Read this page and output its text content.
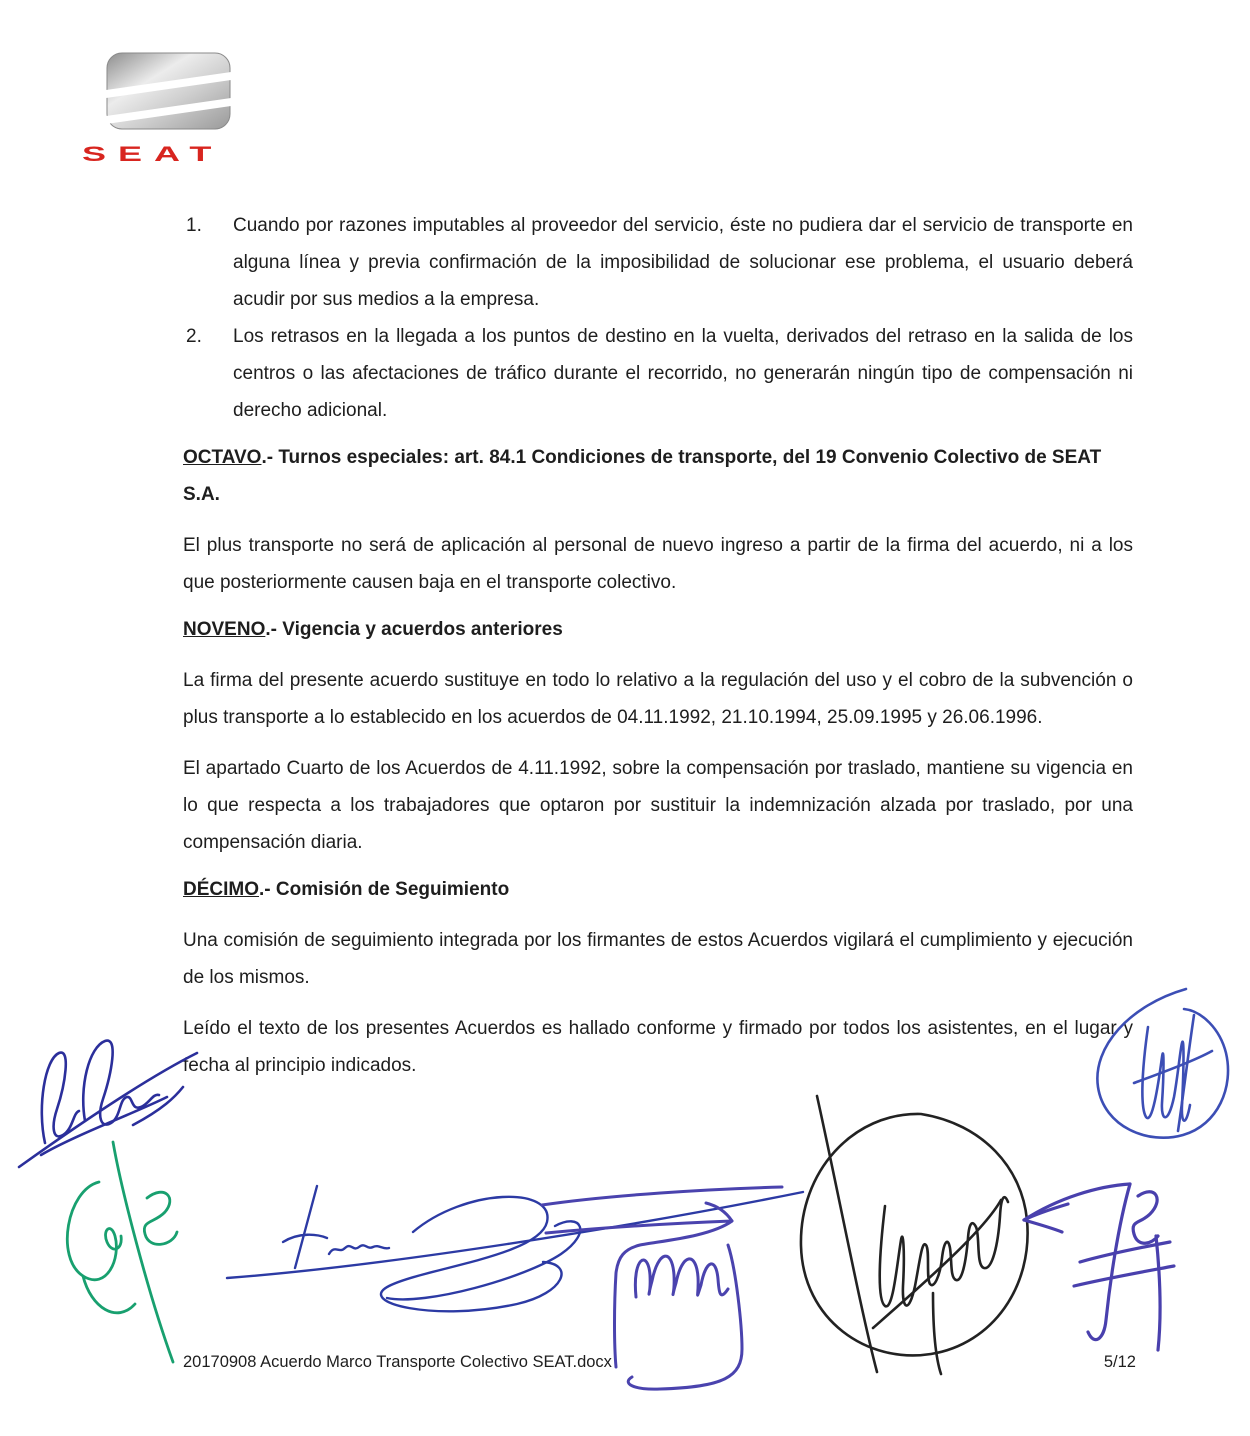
SEAT
1.	Cuando por razones imputables al proveedor del servicio, éste no pudiera dar el servicio de transporte en alguna línea y previa confirmación de la imposibilidad de solucionar ese problema, el usuario deberá acudir por sus medios a la empresa.
2.	Los retrasos en la llegada a los puntos de destino en la vuelta, derivados del retraso en la salida de los centros o las afectaciones de tráfico durante el recorrido, no generarán ningún tipo de compensación ni derecho adicional.
OCTAVO.- Turnos especiales: art. 84.1 Condiciones de transporte, del 19 Convenio Colectivo de SEAT S.A.
El plus transporte no será de aplicación al personal de nuevo ingreso a partir de la firma del acuerdo, ni a los que posteriormente causen baja en el transporte colectivo.
NOVENO.- Vigencia y acuerdos anteriores
La firma del presente acuerdo sustituye en todo lo relativo a la regulación del uso y el cobro de la subvención o plus transporte a lo establecido en los acuerdos de 04.11.1992, 21.10.1994, 25.09.1995 y 26.06.1996.
El apartado Cuarto de los Acuerdos de 4.11.1992, sobre la compensación por traslado, mantiene su vigencia en lo que respecta a los trabajadores que optaron por sustituir la indemnización alzada por traslado, por una compensación diaria.
DÉCIMO.- Comisión de Seguimiento
Una comisión de seguimiento integrada por los firmantes de estos Acuerdos vigilará el cumplimiento y ejecución de los mismos.
Leído el texto de los presentes Acuerdos es hallado conforme y firmado por todos los asistentes, en el lugar y fecha al principio indicados.
20170908 Acuerdo Marco Transporte Colectivo SEAT.docx	5/12
